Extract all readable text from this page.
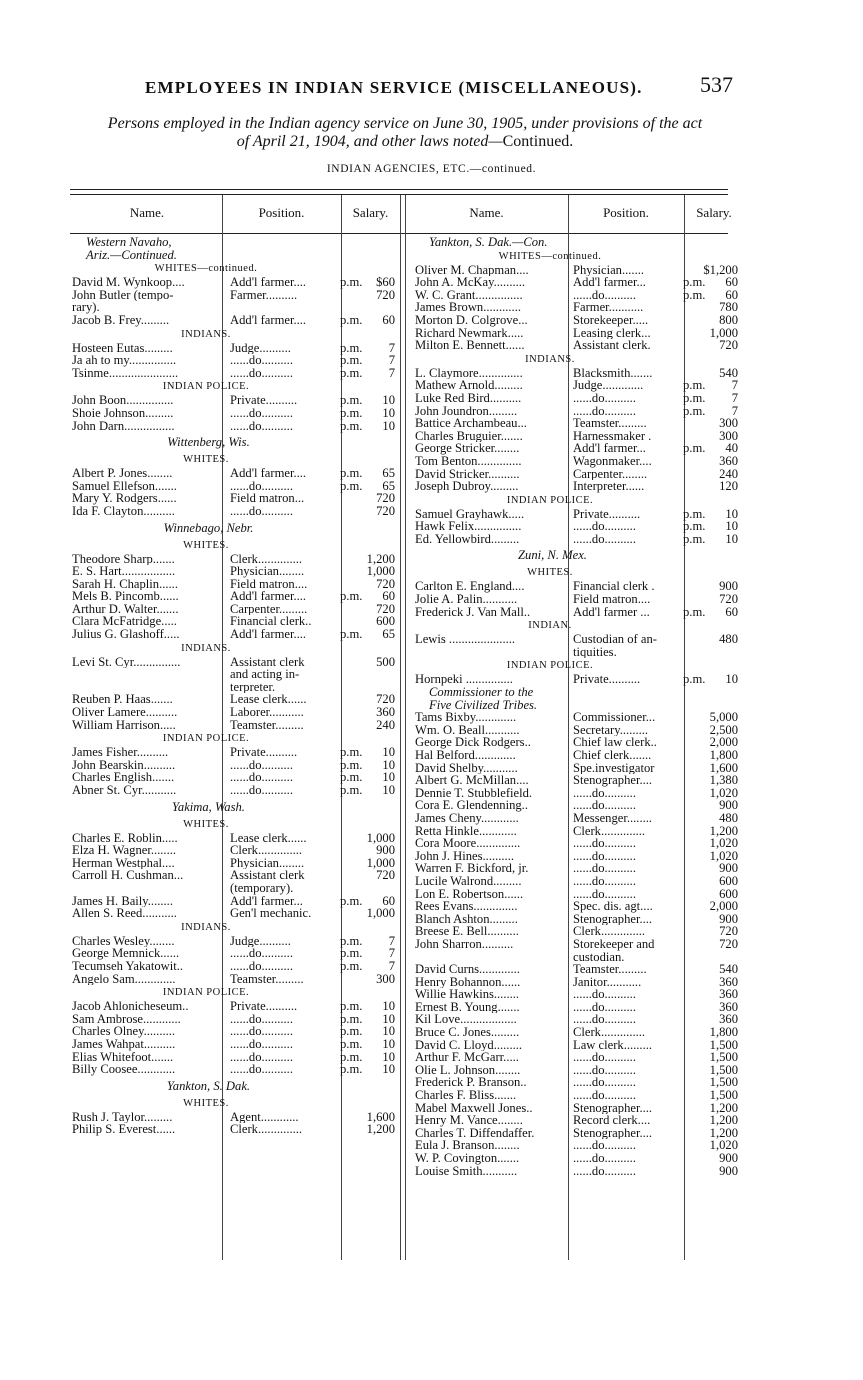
EMPLOYEES IN INDIAN SERVICE (MISCELLANEOUS).	537
Persons employed in the Indian agency service on June 30, 1905, under provisions of the act
of April 21, 1904, and other laws noted—Continued.
INDIAN AGENCIES, ETC.—continued.
Name.	Position.	Salary.	Name.	Position.	Salary.
Western Navaho,
Ariz.—Continued.
WHITES—continued.
David M. Wynkoop....	Add'l farmer....	p.m. $60
John Butler (tempo-	Farmer..........	720
rary).
Jacob B. Frey.........	Add'l farmer....	p.m. 60
INDIANS.
Hosteen Eutas.........	Judge..........	p.m. 7
Ja ah to my...............	......do..........	p.m. 7
Tsinme......................	......do..........	p.m. 7
INDIAN POLICE.
John Boon...............	Private..........	p.m. 10
Shoie Johnson.........	......do..........	p.m. 10
John Darn................	......do..........	p.m. 10
Wittenberg, Wis.
WHITES.
Albert P. Jones........	Add'l farmer....	p.m. 65
Samuel Ellefson.......	......do..........	p.m. 65
Mary Y. Rodgers......	Field matron...	720
Ida F. Clayton..........	......do..........	720
Winnebago, Nebr.
WHITES.
Theodore Sharp.......	Clerk..............	1,200
E. S. Hart.................	Physician........	1,000
Sarah H. Chaplin......	Field matron....	720
Mels B. Pincomb......	Add'l farmer....	p.m. 60
Arthur D. Walter.......	Carpenter.........	720
Clara McFatridge.....	Financial clerk..	600
Julius G. Glashoff.....	Add'l farmer....	p.m. 65
INDIANS.
Levi St. Cyr...............	Assistant clerk	500
and acting in-
terpreter.
Reuben P. Haas.......	Lease clerk......	720
Oliver Lamere..........	Laborer...........	360
William Harrison.....	Teamster.........	240
INDIAN POLICE.
James Fisher..........	Private..........	p.m. 10
John Bearskin..........	......do..........	p.m. 10
Charles English.......	......do..........	p.m. 10
Abner St. Cyr...........	......do..........	p.m. 10
Yakima, Wash.
WHITES.
Charles E. Roblin.....	Lease clerk......	1,000
Elza H. Wagner........	Clerk..............	900
Herman Westphal....	Physician........	1,000
Carroll H. Cushman...	Assistant clerk	720
(temporary).
James H. Baily........	Add'l farmer...	p.m. 60
Allen S. Reed...........	Gen'l mechanic.	1,000
INDIANS.
Charles Wesley........	Judge..........	p.m. 7
George Memnick......	......do..........	p.m. 7
Tecumseh Yakatowit..	......do..........	p.m. 7
Angelo Sam.............	Teamster.........	300
INDIAN POLICE.
Jacob Ahlonicheseum..	Private..........	p.m. 10
Sam Ambrose............	......do..........	p.m. 10
Charles Olney..........	......do..........	p.m. 10
James Wahpat..........	......do..........	p.m. 10
Elias Whitefoot.......	......do..........	p.m. 10
Billy Coosee............	......do..........	p.m. 10
Yankton, S. Dak.
WHITES.
Rush J. Taylor.........	Agent............	1,600
Philip S. Everest......	Clerk..............	1,200
Yankton, S. Dak.—Con.
WHITES—continued.
Oliver M. Chapman....	Physician.......	$1,200
John A. McKay..........	Add'l farmer...	p.m. 60
W. C. Grant...............	......do..........	p.m. 60
James Brown............	Farmer...........	780
Morton D. Colgrove...	Storekeeper.....	800
Richard Newmark.....	Leasing clerk...	1,000
Milton E. Bennett......	Assistant clerk.	720
INDIANS.
L. Claymore..............	Blacksmith.......	540
Mathew Arnold.........	Judge.............	p.m. 7
Luke Red Bird..........	......do..........	p.m. 7
John Joundron.........	......do..........	p.m. 7
Battice Archambeau...	Teamster.........	300
Charles Bruguier.......	Harnessmaker .	300
George Stricker........	Add'l farmer...	p.m. 40
Tom Benton..............	Wagonmaker....	360
David Stricker..........	Carpenter........	240
Joseph Dubroy.........	Interpreter......	120
INDIAN POLICE.
Samuel Grayhawk.....	Private..........	p.m. 10
Hawk Felix...............	......do..........	p.m. 10
Ed. Yellowbird.........	......do..........	p.m. 10
Zuni, N. Mex.
WHITES.
Carlton E. England....	Financial clerk .	900
Jolie A. Palin...........	Field matron....	720
Frederick J. Van Mall..	Add'l farmer ...	p.m. 60
INDIAN.
Lewis .....................	Custodian of an-	480
tiquities.
INDIAN POLICE.
Hornpeki ...............	Private..........	p.m. 10
Commissioner to the
Five Civilized Tribes.
Tams Bixby.............	Commissioner...	5,000
Wm. O. Beall...........	Secretary.........	2,500
George Dick Rodgers..	Chief law clerk..	2,000
Hal Belford.............	Chief clerk.......	1,800
David Shelby...........	Spe.investigator	1,600
Albert G. McMillan....	Stenographer....	1,380
Dennie T. Stubblefield.	......do..........	1,020
Cora E. Glendenning..	......do..........	900
James Cheny............	Messenger........	480
Retta Hinkle............	Clerk..............	1,200
Cora Moore..............	......do..........	1,020
John J. Hines..........	......do..........	1,020
Warren F. Bickford, jr.	......do..........	900
Lucile Walrond.........	......do..........	600
Lon E. Robertson......	......do..........	600
Rees Evans..............	Spec. dis. agt....	2,000
Blanch Ashton.........	Stenographer....	900
Breese E. Bell..........	Clerk..............	720
John Sharron..........	Storekeeper and	720
custodian.
David Curns.............	Teamster.........	540
Henry Bohannon......	Janitor...........	360
Willie Hawkins........	......do..........	360
Ernest B. Young.......	......do..........	360
Kil Love..................	......do..........	360
Bruce C. Jones.........	Clerk..............	1,800
David C. Lloyd.........	Law clerk.........	1,500
Arthur F. McGarr.....	......do..........	1,500
Olie L. Johnson........	......do..........	1,500
Frederick P. Branson..	......do..........	1,500
Charles F. Bliss.......	......do..........	1,500
Mabel Maxwell Jones..	Stenographer....	1,200
Henry M. Vance........	Record clerk....	1,200
Charles T. Diffendaffer.	Stenographer....	1,200
Eula J. Branson........	......do..........	1,020
W. P. Covington.......	......do..........	900
Louise Smith...........	......do..........	900
